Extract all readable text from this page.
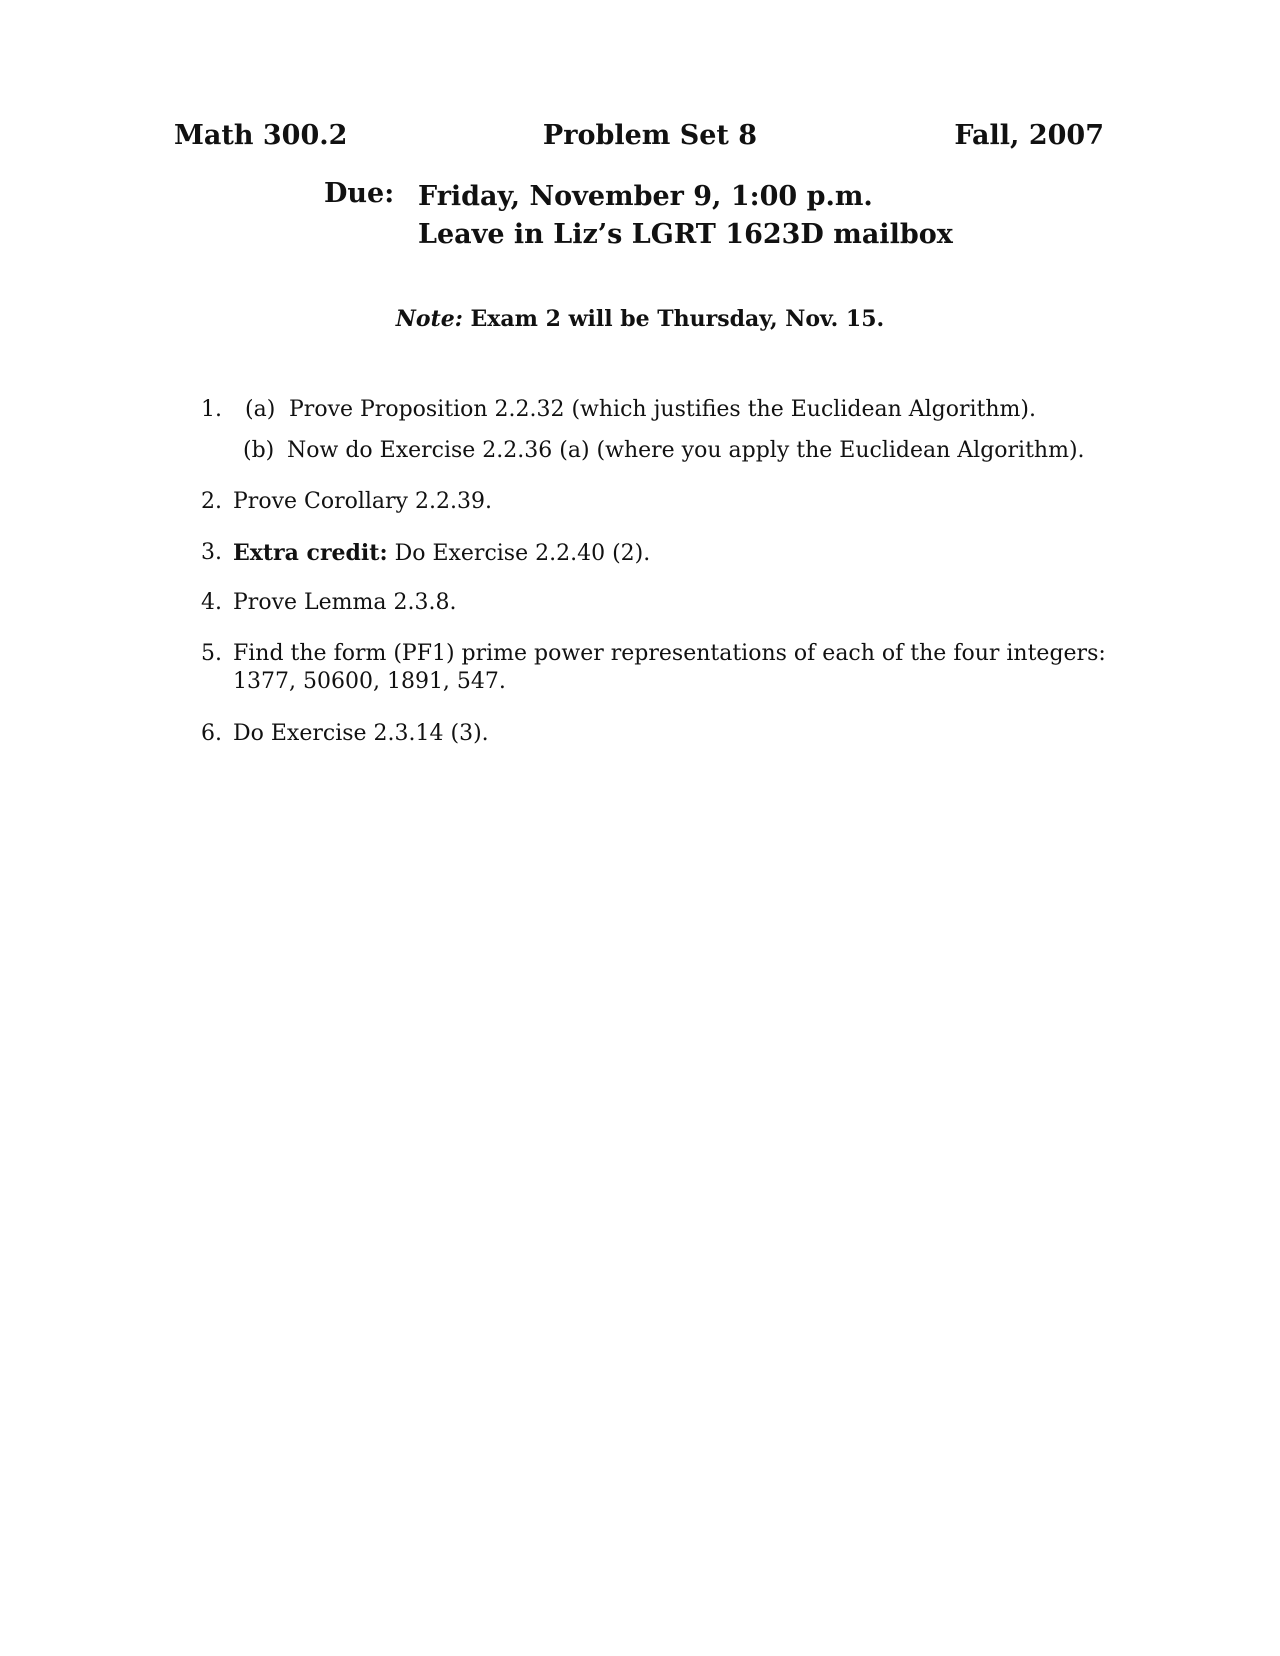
Math 300.2	Problem Set 8	Fall, 2007
Due: Friday, November 9, 1:00 p.m.
Leave in Liz’s LGRT 1623D mailbox
Note: Exam 2 will be Thursday, Nov. 15.
1. (a) Prove Proposition 2.2.32 (which justifies the Euclidean Algorithm).
(b) Now do Exercise 2.2.36 (a) (where you apply the Euclidean Algorithm).
2. Prove Corollary 2.2.39.
3. Extra credit: Do Exercise 2.2.40 (2).
4. Prove Lemma 2.3.8.
5. Find the form (PF1) prime power representations of each of the four integers:
1377, 50600, 1891, 547.
6. Do Exercise 2.3.14 (3).
